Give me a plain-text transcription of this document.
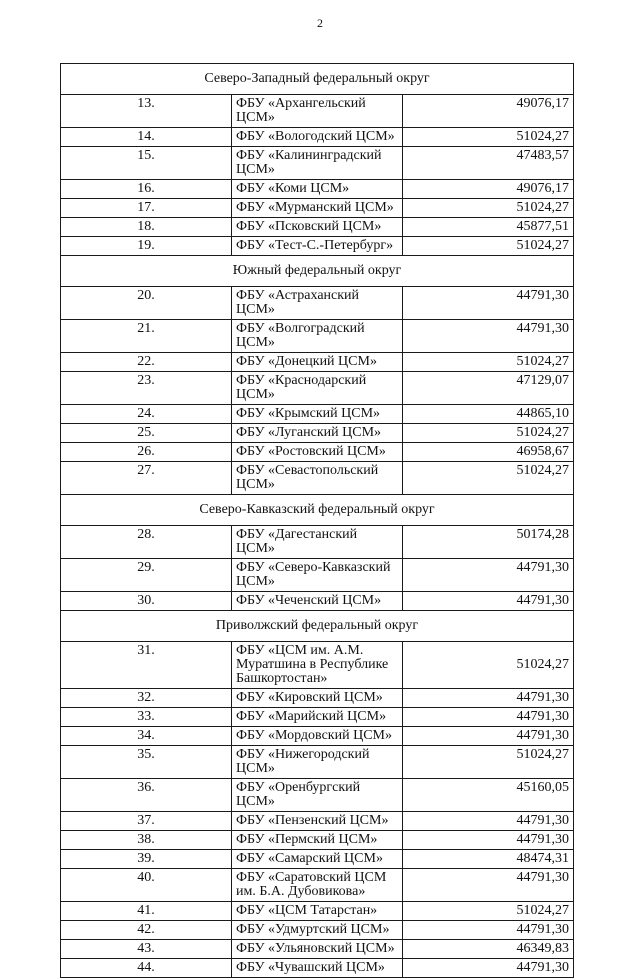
2
Северо-Западный федеральный округ		
13.	ФБУ «Архангельский ЦСМ»	49076,17
14.	ФБУ «Вологодский ЦСМ»	51024,27
15.	ФБУ «Калининградский ЦСМ»	47483,57
16.	ФБУ «Коми ЦСМ»	49076,17
17.	ФБУ «Мурманский ЦСМ»	51024,27
18.	ФБУ «Псковский ЦСМ»	45877,51
19.	ФБУ «Тест-С.-Петербург»	51024,27
Южный федеральный округ		
20.	ФБУ «Астраханский ЦСМ»	44791,30
21.	ФБУ «Волгоградский ЦСМ»	44791,30
22.	ФБУ «Донецкий ЦСМ»	51024,27
23.	ФБУ «Краснодарский ЦСМ»	47129,07
24.	ФБУ «Крымский ЦСМ»	44865,10
25.	ФБУ «Луганский ЦСМ»	51024,27
26.	ФБУ «Ростовский ЦСМ»	46958,67
27.	ФБУ «Севастопольский ЦСМ»	51024,27
Северо-Кавказский федеральный округ		
28.	ФБУ «Дагестанский ЦСМ»	50174,28
29.	ФБУ «Северо-Кавказский ЦСМ»	44791,30
30.	ФБУ «Чеченский ЦСМ»	44791,30
Приволжский федеральный округ		
31.	ФБУ «ЦСМ им. А.М. Муратшина в Республике Башкортостан»	51024,27
32.	ФБУ «Кировский ЦСМ»	44791,30
33.	ФБУ «Марийский ЦСМ»	44791,30
34.	ФБУ «Мордовский ЦСМ»	44791,30
35.	ФБУ «Нижегородский ЦСМ»	51024,27
36.	ФБУ «Оренбургский ЦСМ»	45160,05
37.	ФБУ «Пензенский ЦСМ»	44791,30
38.	ФБУ «Пермский ЦСМ»	44791,30
39.	ФБУ «Самарский ЦСМ»	48474,31
40.	ФБУ «Саратовский ЦСМ им. Б.А. Дубовикова»	44791,30
41.	ФБУ «ЦСМ Татарстан»	51024,27
42.	ФБУ «Удмуртский ЦСМ»	44791,30
43.	ФБУ «Ульяновский ЦСМ»	46349,83
44.	ФБУ «Чувашский ЦСМ»	44791,30
